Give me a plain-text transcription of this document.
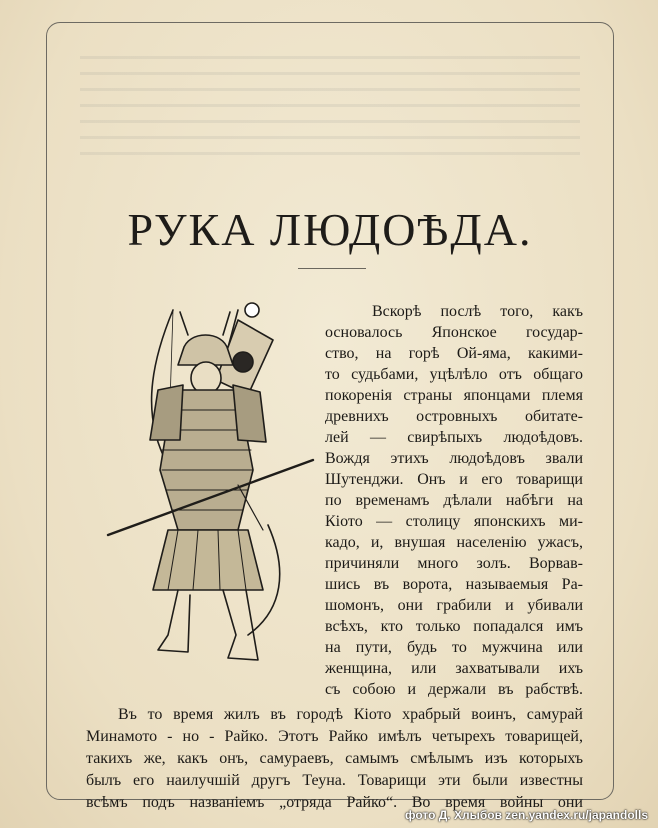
РУКА ЛЮДОѢДА.
Вскорѣ послѣ того, какъ
основалось Японское государ-
ство, на горѣ Ой-яма, какими-
то судьбами, уцѣлѣло отъ общаго
покоренія страны японцами племя
древнихъ островныхъ обитате-
лей — свирѣпыхъ людоѣдовъ.
Вождя этихъ людоѣдовъ звали
Шутенджи. Онъ и его товарищи
по временамъ дѣлали набѣги на
Кіото — столицу японскихъ ми-
кадо, и, внушая населенію ужасъ,
причиняли много золъ. Ворвав-
шись въ ворота, называемыя Ра-
шомонъ, они грабили и убивали
всѣхъ, кто только попадался имъ
на пути, будь то мужчина или
женщина, или захватывали ихъ
съ собою и держали въ рабствѣ.
Въ то время жилъ въ городѣ Кіото храбрый воинъ, самурай
Минамото - но - Райко. Этотъ Райко имѣлъ четырехъ товарищей,
такихъ же, какъ онъ, самураевъ, самымъ смѣлымъ изъ которыхъ
былъ его наилучшій другъ Теуна. Товарищи эти были известны
всѣмъ подъ названіемъ „отряда Райко“. Во время войны они
фото Д. Хлыбов zen.yandex.ru/japandolls
